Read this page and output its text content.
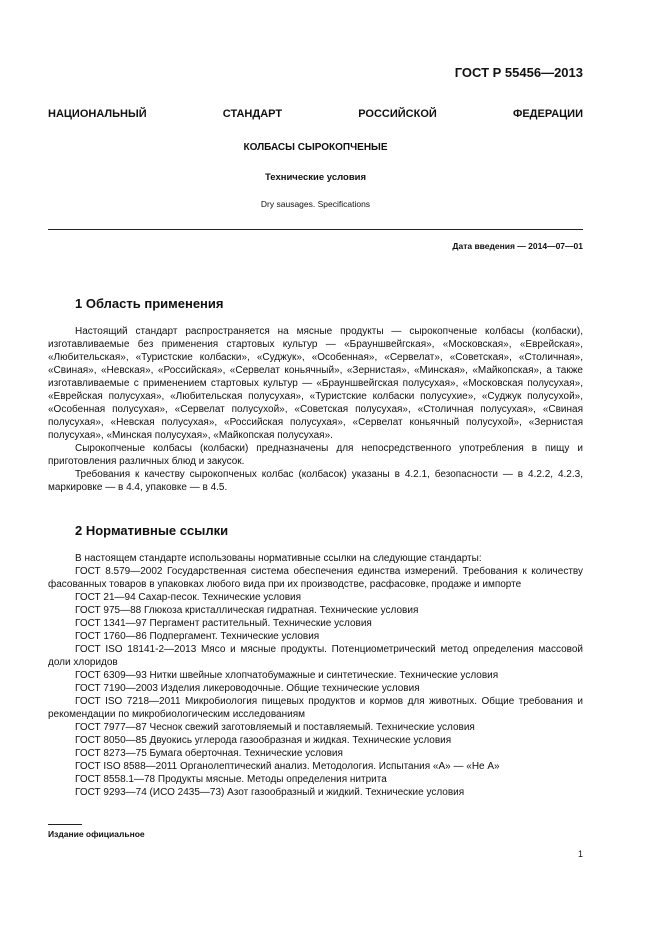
ГОСТ Р 55456—2013
НАЦИОНАЛЬНЫЙ	СТАНДАРТ	РОССИЙСКОЙ	ФЕДЕРАЦИИ
КОЛБАСЫ СЫРОКОПЧЕНЫЕ
Технические условия
Dry sausages. Specifications
Дата введения — 2014—07—01
1 Область применения

Настоящий стандарт распространяется на мясные продукты — сырокопченые колбасы (колбаски), изготавливаемые без применения стартовых культур — «Брауншвейгская», «Московская», «Еврейская», «Любительская», «Туристские колбаски», «Суджук», «Особенная», «Сервелат», «Советская», «Столичная», «Свиная», «Невская», «Российская», «Сервелат коньячный», «Зернистая», «Минская», «Майкопская», а также изготавливаемые с применением стартовых культур — «Брауншвейгская полусухая», «Московская полусухая», «Еврейская полусухая», «Любительская полусухая», «Туристские колбаски полусухие», «Суджук полусухой», «Особенная полусухая», «Сервелат полусухой», «Советская полусухая», «Столичная полусухая», «Свиная полусухая», «Невская полусухая», «Российская полусухая», «Сервелат коньячный полусухой», «Зернистая полусухая», «Минская полусухая», «Майкопская полусухая».

Сырокопченые колбасы (колбаски) предназначены для непосредственного употребления в пищу и приготовления различных блюд и закусок.

Требования к качеству сырокопченых колбас (колбасок) указаны в 4.2.1, безопасности — в 4.2.2, 4.2.3, маркировке — в 4.4, упаковке — в 4.5.

2 Нормативные ссылки

В настоящем стандарте использованы нормативные ссылки на следующие стандарты:

ГОСТ 8.579—2002 Государственная система обеспечения единства измерений. Требования к количеству фасованных товаров в упаковках любого вида при их производстве, расфасовке, продаже и импорте

ГОСТ 21—94 Сахар-песок. Технические условия

ГОСТ 975—88 Глюкоза кристаллическая гидратная. Технические условия

ГОСТ 1341—97 Пергамент растительный. Технические условия

ГОСТ 1760—86 Подпергамент. Технические условия

ГОСТ ISO 18141-2—2013 Мясо и мясные продукты. Потенциометрический метод определения массовой доли хлоридов

ГОСТ 6309—93 Нитки швейные хлопчатобумажные и синтетические. Технические условия

ГОСТ 7190—2003 Изделия ликероводочные. Общие технические условия

ГОСТ ISO 7218—2011 Микробиология пищевых продуктов и кормов для животных. Общие требования и рекомендации по микробиологическим исследованиям

ГОСТ 7977—87 Чеснок свежий заготовляемый и поставляемый. Технические условия

ГОСТ 8050—85 Двуокись углерода газообразная и жидкая. Технические условия

ГОСТ 8273—75 Бумага оберточная. Технические условия

ГОСТ ISO 8588—2011 Органолептический анализ. Методология. Испытания «А» — «Не А»

ГОСТ 8558.1—78 Продукты мясные. Методы определения нитрита

ГОСТ 9293—74 (ИСО 2435—73) Азот газообразный и жидкий. Технические условия

Издание официальное
1
